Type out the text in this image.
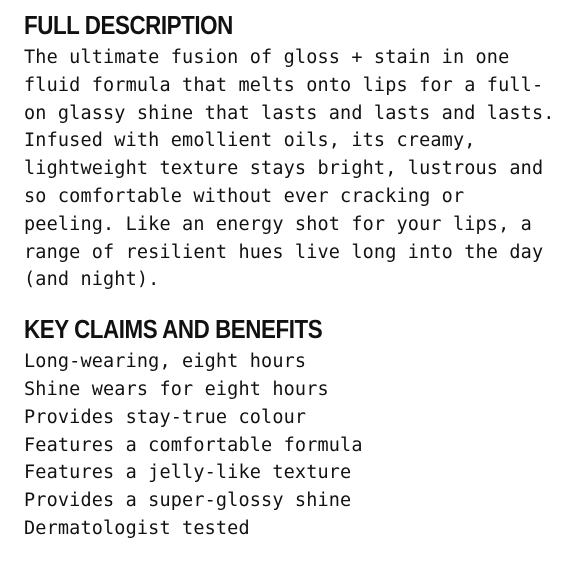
FULL DESCRIPTION
The ultimate fusion of gloss + stain in one
fluid formula that melts onto lips for a full-
on glassy shine that lasts and lasts and lasts.
Infused with emollient oils, its creamy,
lightweight texture stays bright, lustrous and
so comfortable without ever cracking or
peeling. Like an energy shot for your lips, a
range of resilient hues live long into the day
(and night).
KEY CLAIMS AND BENEFITS
Long-wearing, eight hours
Shine wears for eight hours
Provides stay-true colour
Features a comfortable formula
Features a jelly-like texture
Provides a super-glossy shine
Dermatologist tested
